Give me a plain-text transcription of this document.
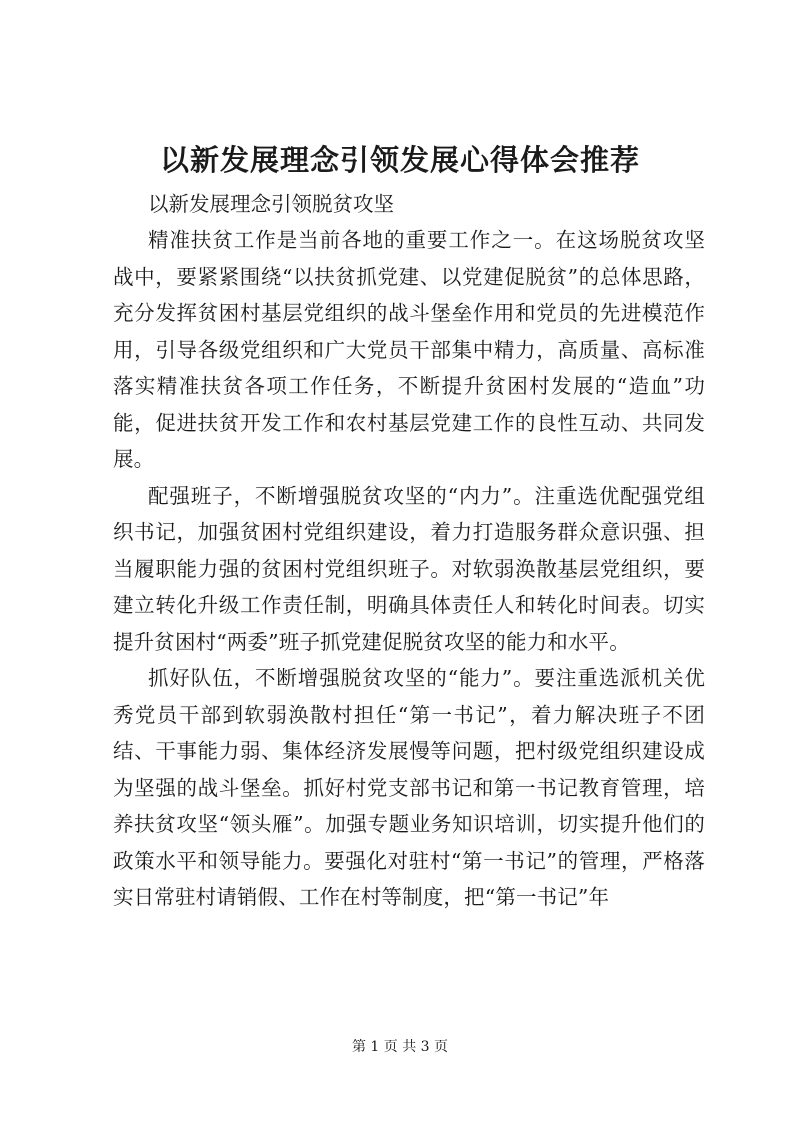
以新发展理念引领发展心得体会推荐

以新发展理念引领脱贫攻坚

精准扶贫工作是当前各地的重要工作之一。在这场脱贫攻坚战中，要紧紧围绕“以扶贫抓党建、以党建促脱贫”的总体思路，充分发挥贫困村基层党组织的战斗堡垒作用和党员的先进模范作用，引导各级党组织和广大党员干部集中精力，高质量、高标准落实精准扶贫各项工作任务，不断提升贫困村发展的“造血”功能，促进扶贫开发工作和农村基层党建工作的良性互动、共同发展。

配强班子，不断增强脱贫攻坚的“内力”。注重选优配强党组织书记，加强贫困村党组织建设，着力打造服务群众意识强、担当履职能力强的贫困村党组织班子。对软弱涣散基层党组织，要建立转化升级工作责任制，明确具体责任人和转化时间表。切实提升贫困村“两委”班子抓党建促脱贫攻坚的能力和水平。

抓好队伍，不断增强脱贫攻坚的“能力”。要注重选派机关优秀党员干部到软弱涣散村担任“第一书记”，着力解决班子不团结、干事能力弱、集体经济发展慢等问题，把村级党组织建设成为坚强的战斗堡垒。抓好村党支部书记和第一书记教育管理，培养扶贫攻坚“领头雁”。加强专题业务知识培训，切实提升他们的政策水平和领导能力。要强化对驻村“第一书记”的管理，严格落实日常驻村请销假、工作在村等制度，把“第一书记”年

第 1 页 共 3 页
